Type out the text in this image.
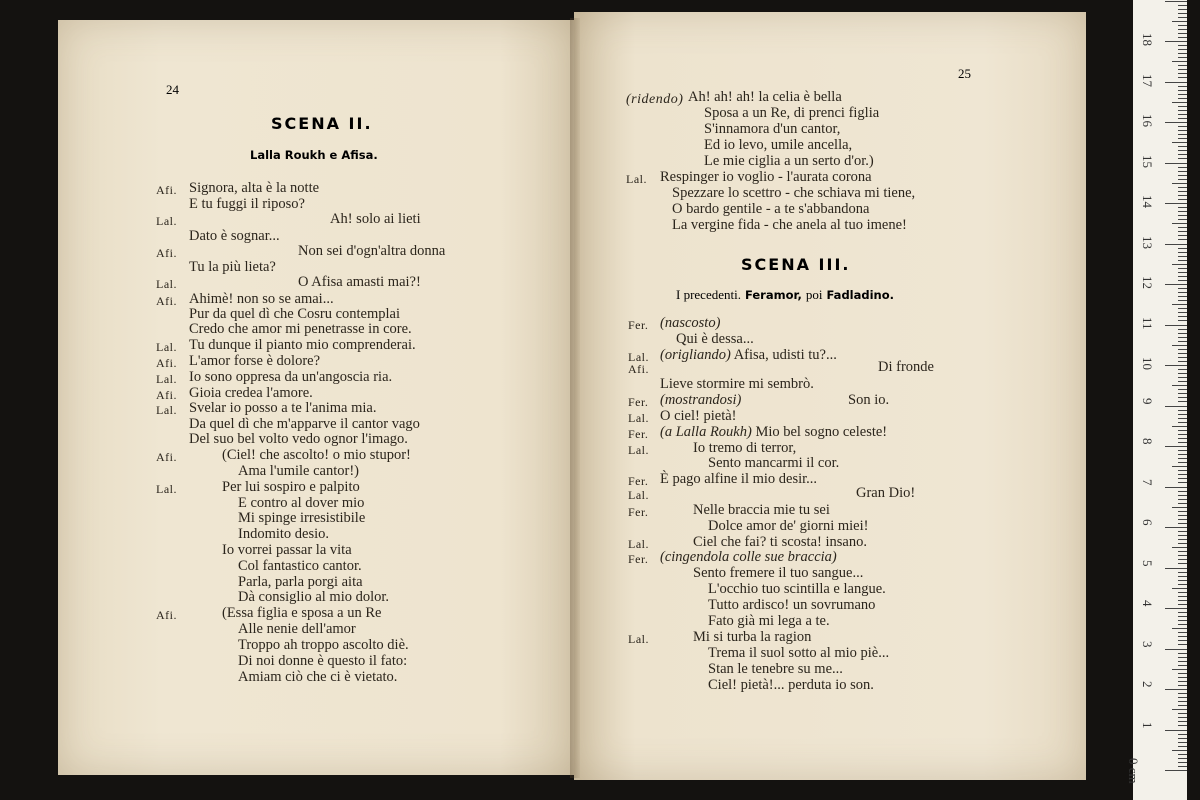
24
SCENA II.
Lalla Roukh e Afisa.
25
SCENA III.
I precedenti. Feramor, poi Fadladino.
Afi. Signora, alta è la notte
E tu fuggi il riposo?
Lal.	Ah! solo ai lieti
Dato è sognar...
Afi.	Non sei d'ogn'altra donna
Tu la più lieta?
Lal.	O Afisa amasti mai?!
Afi. Ahimè! non so se amai...
Pur da quel dì che Cosru contemplai
Credo che amor mi penetrasse in core.
Lal. Tu dunque il pianto mio comprenderai.
Afi. L'amor forse è dolore?
Lal. Io sono oppresa da un'angoscia ria.
Afi. Gioia credea l'amore.
Lal. Svelar io posso a te l'anima mia.
Da quel dì che m'apparve il cantor vago
Del suo bel volto vedo ognor l'imago.
Afi.	(Ciel! che ascolto! o mio stupor!
Ama l'umile cantor!)
Lal.	Per lui sospiro e palpito
E contro al dover mio
Mi spinge irresistibile
Indomito desio.
Io vorrei passar la vita
Col fantastico cantor.
Parla, parla porgi aita
Dà consiglio al mio dolor.
Afi.	(Essa figlia e sposa a un Re
Alle nenie dell'amor
Troppo ah troppo ascolto diè.
Di noi donne è questo il fato:
Amiam ciò che ci è vietato.
(ridendo) Ah! ah! ah! la celia è bella
Sposa a un Re, di prenci figlia
S'innamora d'un cantor,
Ed io levo, umile ancella,
Le mie ciglia a un serto d'or.)
Lal. Respinger io voglio - l'aurata corona
Spezzare lo scettro - che schiava mi tiene,
O bardo gentile - a te s'abbandona
La vergine fida - che anela al tuo imene!
Fer. (nascosto)
Qui è dessa...
Lal. (origliando) Afisa, udisti tu?...
Afi.	Di fronde
Lieve stormire mi sembrò.
Fer. (mostrandosi)	Son io.
Lal. O ciel! pietà!
Fer. (a Lalla Roukh) Mio bel sogno celeste!
Lal.	Io tremo di terror,
Sento mancarmi il cor.
Fer. È pago alfine il mio desir...
Lal.	Gran Dio!
Fer.	Nelle braccia mie tu sei
Dolce amor de' giorni miei!
Lal.	Ciel che fai? ti scosta! insano.
Fer. (cingendola colle sue braccia)
Sento fremere il tuo sangue...
L'occhio tuo scintilla e langue.
Tutto ardisco! un sovrumano
Fato già mi lega a te.
Lal.	Mi si turba la ragion
Trema il suol sotto al mio piè...
Stan le tenebre su me...
Ciel! pietà!... perduta io son.
0 cm
1
2
3
4
5
6
7
8
9
10
11
12
13
14
15
16
17
18
